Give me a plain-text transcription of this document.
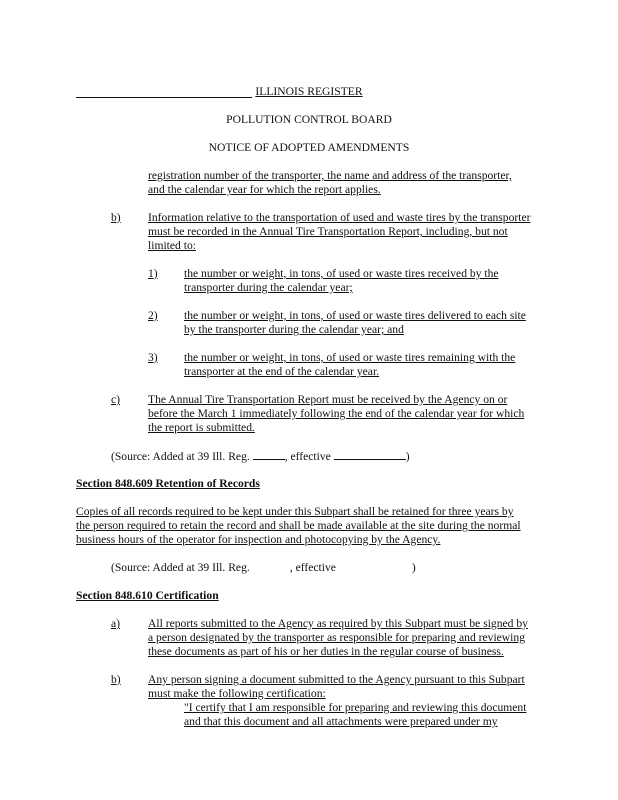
ILLINOIS REGISTER
POLLUTION CONTROL BOARD
NOTICE OF ADOPTED AMENDMENTS
registration number of the transporter, the name and address of the transporter,
and the calendar year for which the report applies.
b) Information relative to the transportation of used and waste tires by the transporter
must be recorded in the Annual Tire Transportation Report, including, but not
limited to:
1) the number or weight, in tons, of used or waste tires received by the
transporter during the calendar year;
2) the number or weight, in tons, of used or waste tires delivered to each site
by the transporter during the calendar year; and
3) the number or weight, in tons, of used or waste tires remaining with the
transporter at the end of the calendar year.
c) The Annual Tire Transportation Report must be received by the Agency on or
before the March 1 immediately following the end of the calendar year for which
the report is submitted.
(Source: Added at 39 Ill. Reg.	, effective	)
Section 848.609 Retention of Records
Copies of all records required to be kept under this Subpart shall be retained for three years by
the person required to retain the record and shall be made available at the site during the normal
business hours of the operator for inspection and photocopying by the Agency.
(Source: Added at 39 Ill. Reg.	, effective	)
Section 848.610 Certification
a) All reports submitted to the Agency as required by this Subpart must be signed by
a person designated by the transporter as responsible for preparing and reviewing
these documents as part of his or her duties in the regular course of business.
b) Any person signing a document submitted to the Agency pursuant to this Subpart
must make the following certification:
"I certify that I am responsible for preparing and reviewing this document
and that this document and all attachments were prepared under my
